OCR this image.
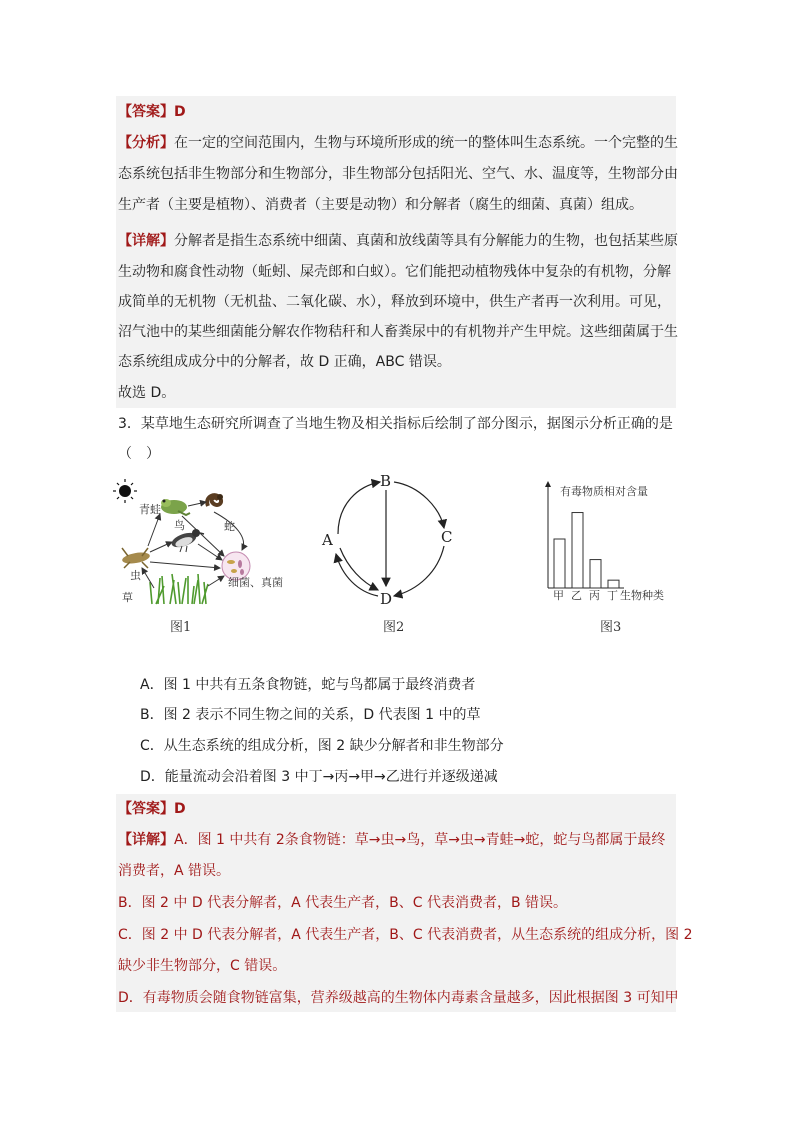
【答案】D
【分析】在一定的空间范围内，生物与环境所形成的统一的整体叫生态系统。一个完整的生
态系统包括非生物部分和生物部分，非生物部分包括阳光、空气、水、温度等，生物部分由
生产者（主要是植物）、消费者（主要是动物）和分解者（腐生的细菌、真菌）组成。
【详解】分解者是指生态系统中细菌、真菌和放线菌等具有分解能力的生物，也包括某些原
生动物和腐食性动物（蚯蚓、屎壳郎和白蚁）。它们能把动植物残体中复杂的有机物，分解
成简单的无机物（无机盐、二氧化碳、水），释放到环境中，供生产者再一次利用。可见，
沼气池中的某些细菌能分解农作物秸秆和人畜粪尿中的有机物并产生甲烷。这些细菌属于生
态系统组成成分中的分解者，故 D 正确，ABC 错误。
故选 D。
3．某草地生态研究所调查了当地生物及相关指标后绘制了部分图示，据图示分析正确的是
（　）
青蛙
蛇
鸟
虫
草
细菌、真菌
图1
B
A	C
D
图2
有毒物质相对含量
生物种类
甲 乙 丙 丁
图3
A．图 1 中共有五条食物链，蛇与鸟都属于最终消费者
B．图 2 表示不同生物之间的关系，D 代表图 1 中的草
C．从生态系统的组成分析，图 2 缺少分解者和非生物部分
D．能量流动会沿着图 3 中丁→丙→甲→乙进行并逐级递减
【答案】D
【详解】A．图 1 中共有 2条食物链：草→虫→鸟，草→虫→青蛙→蛇，蛇与鸟都属于最终
消费者，A 错误。
B．图 2 中 D 代表分解者，A 代表生产者，B、C 代表消费者，B 错误。
C．图 2 中 D 代表分解者，A 代表生产者，B、C 代表消费者，从生态系统的组成分析，图 2
缺少非生物部分，C 错误。
D．有毒物质会随食物链富集，营养级越高的生物体内毒素含量越多，因此根据图 3 可知甲
